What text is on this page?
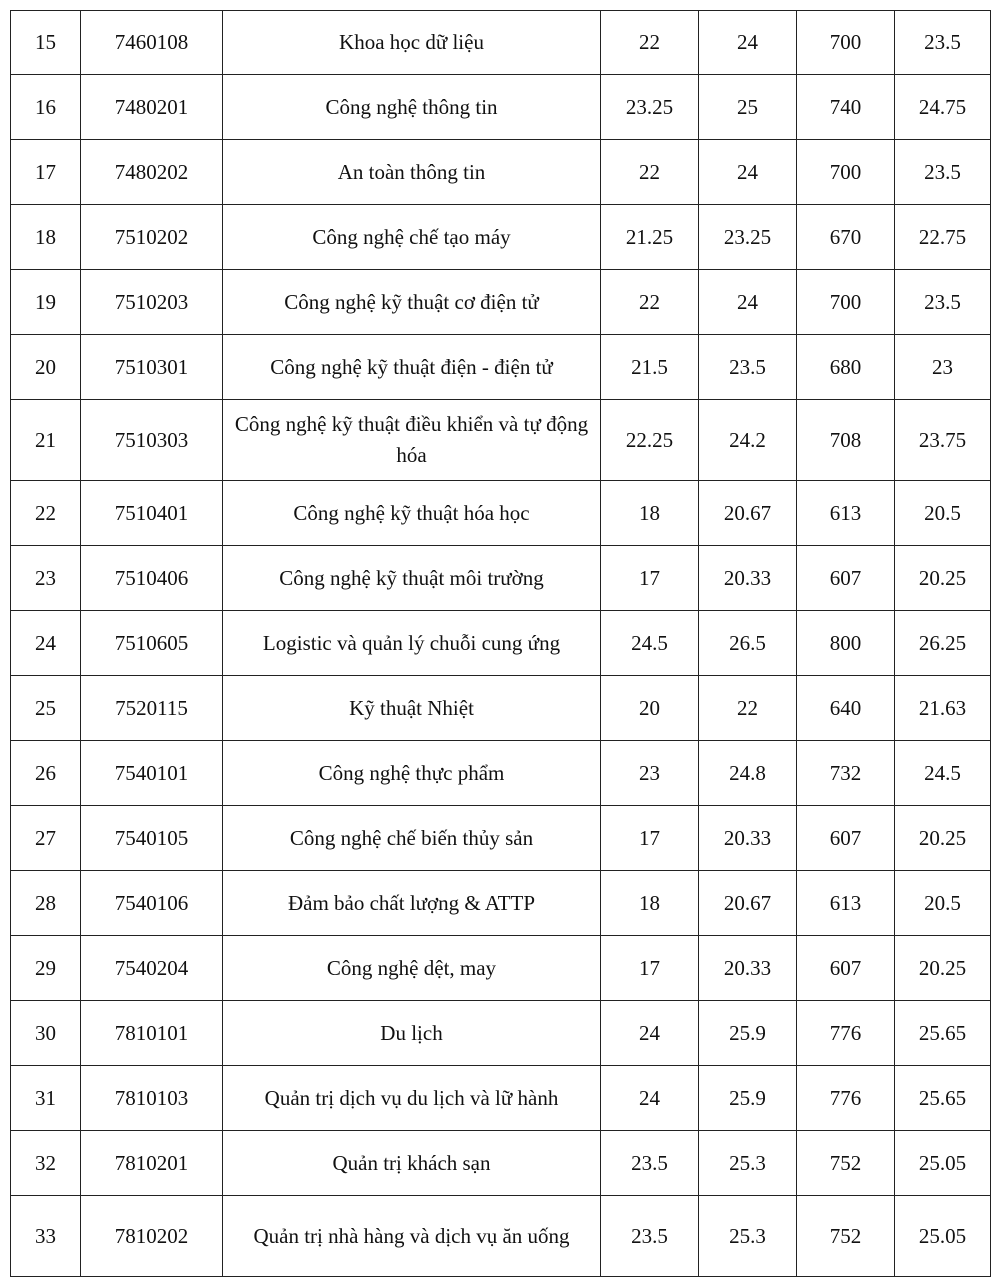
15	7460108	Khoa học dữ liệu	22	24	700	23.5
16	7480201	Công nghệ thông tin	23.25	25	740	24.75
17	7480202	An toàn thông tin	22	24	700	23.5
18	7510202	Công nghệ chế tạo máy	21.25	23.25	670	22.75
19	7510203	Công nghệ kỹ thuật cơ điện tử	22	24	700	23.5
20	7510301	Công nghệ kỹ thuật điện - điện tử	21.5	23.5	680	23
21	7510303	Công nghệ kỹ thuật điều khiển và tự động hóa	22.25	24.2	708	23.75
22	7510401	Công nghệ kỹ thuật hóa học	18	20.67	613	20.5
23	7510406	Công nghệ kỹ thuật môi trường	17	20.33	607	20.25
24	7510605	Logistic và quản lý chuỗi cung ứng	24.5	26.5	800	26.25
25	7520115	Kỹ thuật Nhiệt	20	22	640	21.63
26	7540101	Công nghệ thực phẩm	23	24.8	732	24.5
27	7540105	Công nghệ chế biến thủy sản	17	20.33	607	20.25
28	7540106	Đảm bảo chất lượng & ATTP	18	20.67	613	20.5
29	7540204	Công nghệ dệt, may	17	20.33	607	20.25
30	7810101	Du lịch	24	25.9	776	25.65
31	7810103	Quản trị dịch vụ du lịch và lữ hành	24	25.9	776	25.65
32	7810201	Quản trị khách sạn	23.5	25.3	752	25.05
33	7810202	Quản trị nhà hàng và dịch vụ ăn uống	23.5	25.3	752	25.05
